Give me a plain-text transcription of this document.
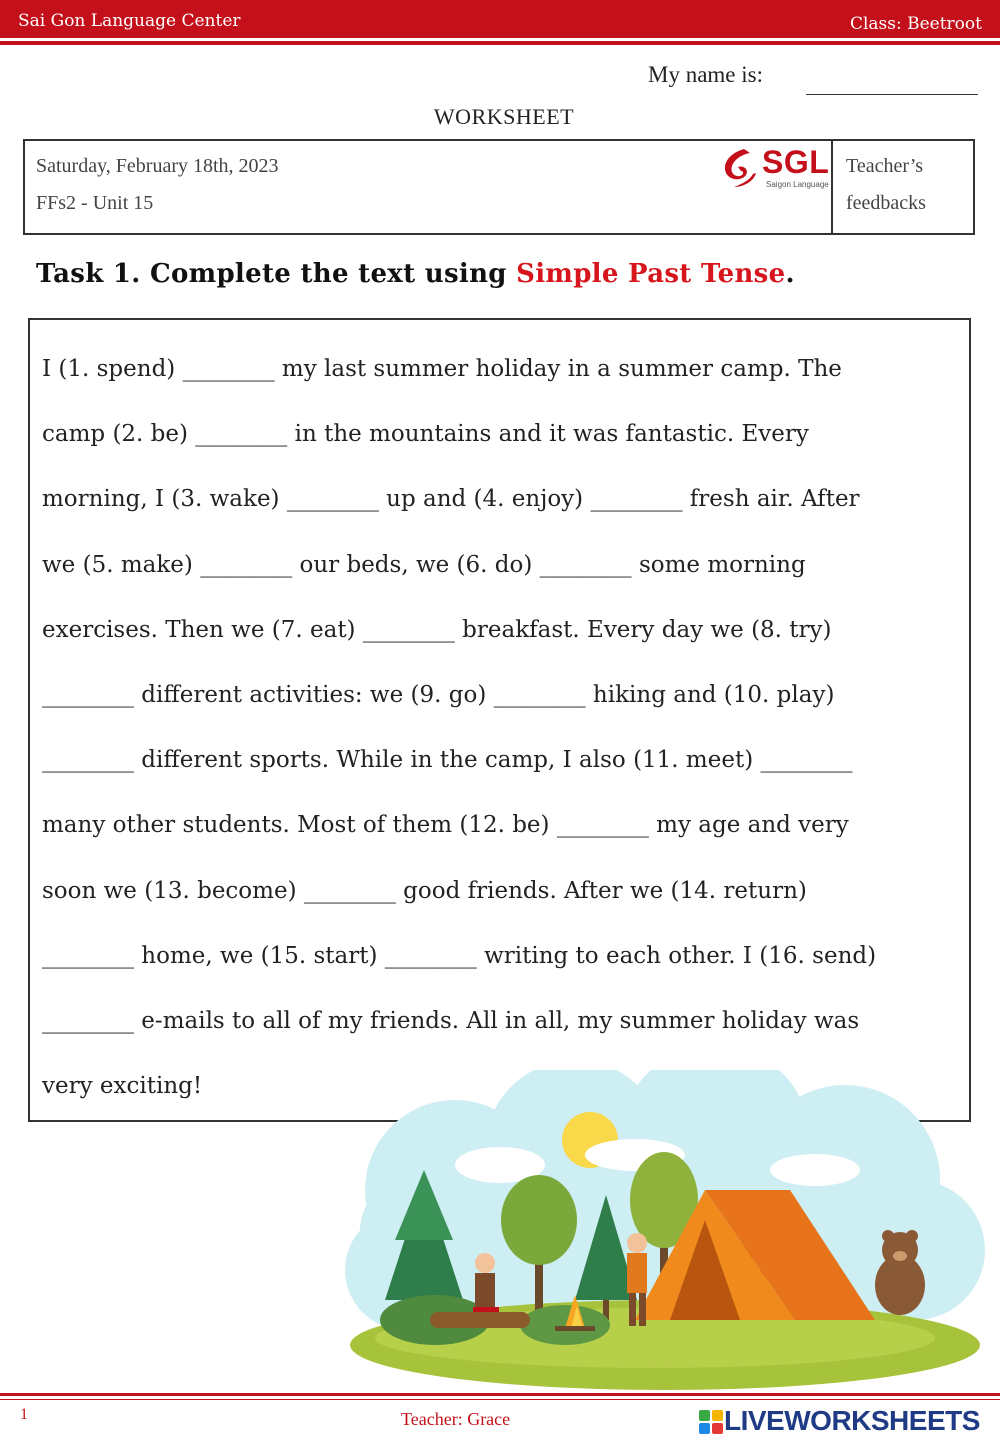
Sai Gon Language Center	Class: Beetroot
My name is:
WORKSHEET
Saturday, February 18th, 2023
FFs2 - Unit 15
SGL
Saigon Language
Teacher’s
feedbacks
Task 1. Complete the text using Simple Past Tense.
I (1. spend) ________ my last summer holiday in a summer camp. The
camp (2. be) ________ in the mountains and it was fantastic. Every
morning, I (3. wake) ________ up and (4. enjoy) ________ fresh air. After
we (5. make) ________ our beds, we (6. do) ________ some morning
exercises. Then we (7. eat) ________ breakfast. Every day we (8. try)
________ different activities: we (9. go) ________ hiking and (10. play)
________ different sports. While in the camp, I also (11. meet) ________
many other students. Most of them (12. be) ________ my age and very
soon we (13. become) ________ good friends. After we (14. return)
________ home, we (15. start) ________ writing to each other. I (16. send)
________ e-mails to all of my friends. All in all, my summer holiday was
very exciting!
1	Teacher: Grace	LIVEWORKSHEETS
